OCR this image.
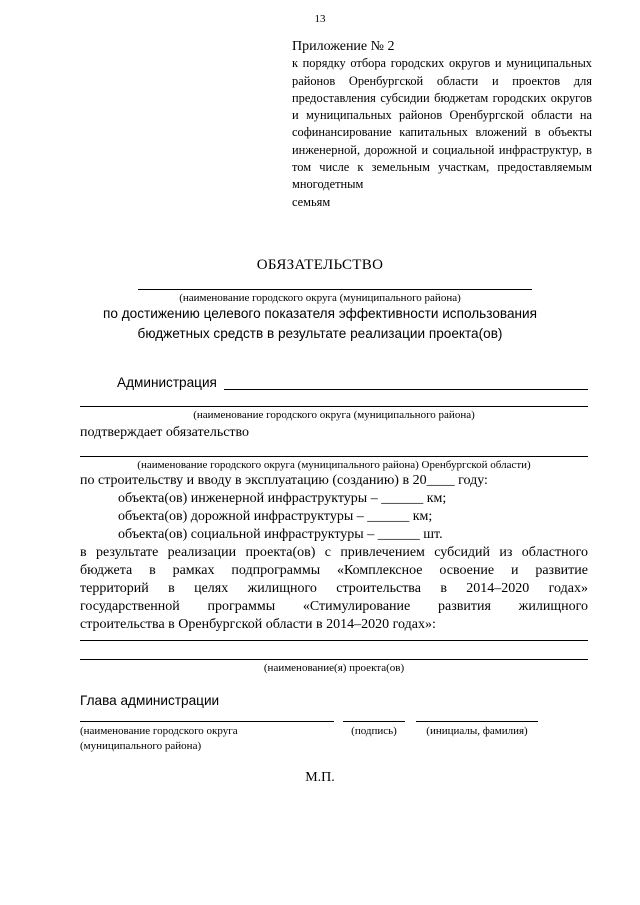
13
Приложение № 2
к порядку отбора городских округов и муниципальных районов Оренбургской области и проектов для предоставления субсидии бюджетам городских округов и муниципальных районов Оренбургской области на софинансирование капитальных вложений в объекты инженерной, дорожной и социальной инфраструктур, в том числе к земельным участкам, предоставляемым многодетным
семьям
ОБЯЗАТЕЛЬСТВО
(наименование городского округа (муниципального района)
по достижению целевого показателя эффективности использования
бюджетных средств в результате реализации проекта(ов)
Администрация
(наименование городского округа (муниципального района)
подтверждает обязательство
(наименование городского округа (муниципального района) Оренбургской области)
по строительству и вводу в эксплуатацию (созданию) в 20____ году:
объекта(ов) инженерной инфраструктуры – ______ км;
объекта(ов) дорожной инфраструктуры – ______ км;
объекта(ов) социальной инфраструктуры – ______ шт.
в результате реализации проекта(ов) с привлечением субсидий из областного
бюджета в рамках подпрограммы «Комплексное освоение и развитие
территорий в целях жилищного строительства в 2014–2020 годах»
государственной программы «Стимулирование развития жилищного
строительства в Оренбургской области в 2014–2020 годах»:
(наименование(я) проекта(ов)
Глава администрации
(наименование городского округа
(муниципального района)
(подпись)	(инициалы, фамилия)
М.П.
